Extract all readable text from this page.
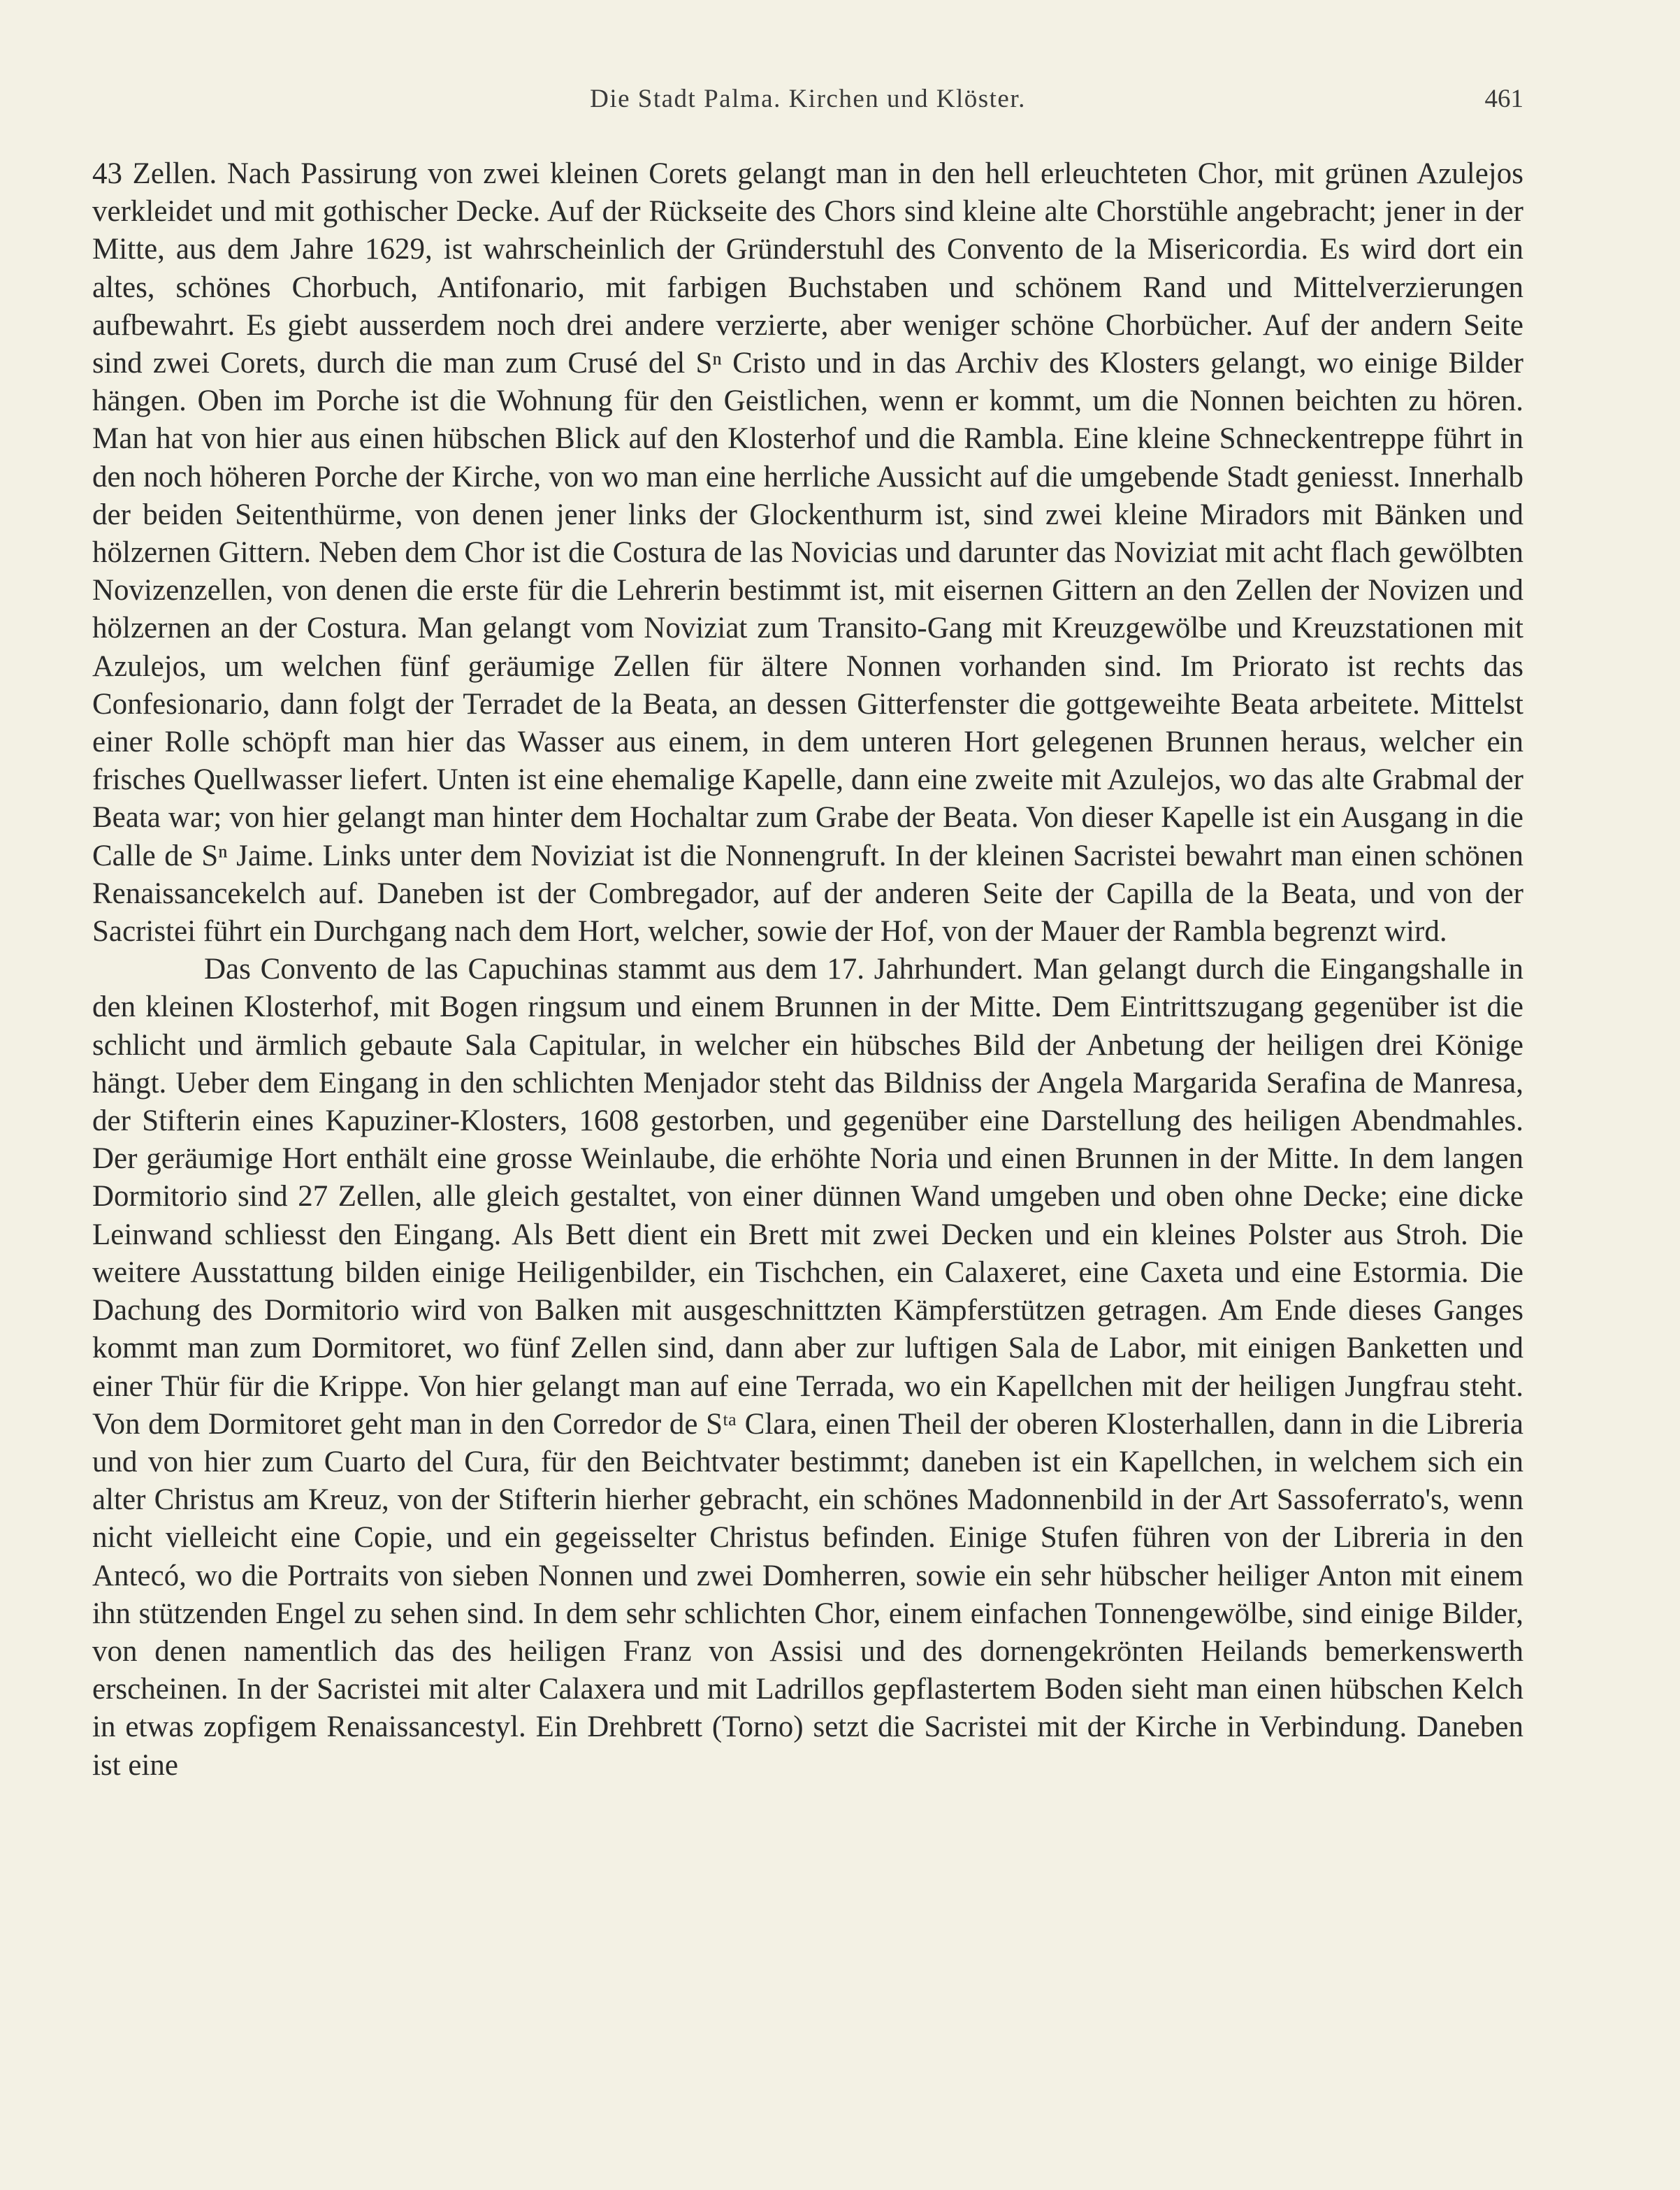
Die Stadt Palma. Kirchen und Klöster.	461

43 Zellen. Nach Passirung von zwei kleinen Corets gelangt man in den hell erleuchteten Chor, mit grünen Azulejos verkleidet und mit gothischer Decke. Auf der Rückseite des Chors sind kleine alte Chorstühle angebracht; jener in der Mitte, aus dem Jahre 1629, ist wahrscheinlich der Gründerstuhl des Convento de la Misericordia. Es wird dort ein altes, schönes Chorbuch, Antifonario, mit farbigen Buchstaben und schönem Rand und Mittelverzierungen aufbewahrt. Es giebt ausserdem noch drei andere verzierte, aber weniger schöne Chorbücher. Auf der andern Seite sind zwei Corets, durch die man zum Crusé del Sⁿ Cristo und in das Archiv des Klosters gelangt, wo einige Bilder hängen. Oben im Porche ist die Wohnung für den Geistlichen, wenn er kommt, um die Nonnen beichten zu hören. Man hat von hier aus einen hübschen Blick auf den Klosterhof und die Rambla. Eine kleine Schneckentreppe führt in den noch höheren Porche der Kirche, von wo man eine herrliche Aussicht auf die umgebende Stadt geniesst. Innerhalb der beiden Seitenthürme, von denen jener links der Glockenthurm ist, sind zwei kleine Miradors mit Bänken und hölzernen Gittern. Neben dem Chor ist die Costura de las Novicias und darunter das Noviziat mit acht flach gewölbten Novizenzellen, von denen die erste für die Lehrerin bestimmt ist, mit eisernen Gittern an den Zellen der Novizen und hölzernen an der Costura. Man gelangt vom Noviziat zum Transito-Gang mit Kreuzgewölbe und Kreuzstationen mit Azulejos, um welchen fünf geräumige Zellen für ältere Nonnen vorhanden sind. Im Priorato ist rechts das Confesionario, dann folgt der Terradet de la Beata, an dessen Gitterfenster die gottgeweihte Beata arbeitete. Mittelst einer Rolle schöpft man hier das Wasser aus einem, in dem unteren Hort gelegenen Brunnen heraus, welcher ein frisches Quellwasser liefert. Unten ist eine ehemalige Kapelle, dann eine zweite mit Azulejos, wo das alte Grabmal der Beata war; von hier gelangt man hinter dem Hochaltar zum Grabe der Beata. Von dieser Kapelle ist ein Ausgang in die Calle de Sⁿ Jaime. Links unter dem Noviziat ist die Nonnengruft. In der kleinen Sacristei bewahrt man einen schönen Renaissancekelch auf. Daneben ist der Combregador, auf der anderen Seite der Capilla de la Beata, und von der Sacristei führt ein Durchgang nach dem Hort, welcher, sowie der Hof, von der Mauer der Rambla begrenzt wird.

Das Convento de las Capuchinas stammt aus dem 17. Jahrhundert. Man gelangt durch die Eingangshalle in den kleinen Klosterhof, mit Bogen ringsum und einem Brunnen in der Mitte. Dem Eintrittszugang gegenüber ist die schlicht und ärmlich gebaute Sala Capitular, in welcher ein hübsches Bild der Anbetung der heiligen drei Könige hängt. Ueber dem Eingang in den schlichten Menjador steht das Bildniss der Angela Margarida Serafina de Manresa, der Stifterin eines Kapuziner-Klosters, 1608 gestorben, und gegenüber eine Darstellung des heiligen Abendmahles. Der geräumige Hort enthält eine grosse Weinlaube, die erhöhte Noria und einen Brunnen in der Mitte. In dem langen Dormitorio sind 27 Zellen, alle gleich gestaltet, von einer dünnen Wand umgeben und oben ohne Decke; eine dicke Leinwand schliesst den Eingang. Als Bett dient ein Brett mit zwei Decken und ein kleines Polster aus Stroh. Die weitere Ausstattung bilden einige Heiligenbilder, ein Tischchen, ein Calaxeret, eine Caxeta und eine Estormia. Die Dachung des Dormitorio wird von Balken mit ausgeschnittzten Kämpferstützen getragen. Am Ende dieses Ganges kommt man zum Dormitoret, wo fünf Zellen sind, dann aber zur luftigen Sala de Labor, mit einigen Banketten und einer Thür für die Krippe. Von hier gelangt man auf eine Terrada, wo ein Kapellchen mit der heiligen Jungfrau steht. Von dem Dormitoret geht man in den Corredor de Sᵗᵃ Clara, einen Theil der oberen Klosterhallen, dann in die Libreria und von hier zum Cuarto del Cura, für den Beichtvater bestimmt; daneben ist ein Kapellchen, in welchem sich ein alter Christus am Kreuz, von der Stifterin hierher gebracht, ein schönes Madonnenbild in der Art Sassoferrato's, wenn nicht vielleicht eine Copie, und ein gegeisselter Christus befinden. Einige Stufen führen von der Libreria in den Antecó, wo die Portraits von sieben Nonnen und zwei Domherren, sowie ein sehr hübscher heiliger Anton mit einem ihn stützenden Engel zu sehen sind. In dem sehr schlichten Chor, einem einfachen Tonnengewölbe, sind einige Bilder, von denen namentlich das des heiligen Franz von Assisi und des dornengekrönten Heilands bemerkenswerth erscheinen. In der Sacristei mit alter Calaxera und mit Ladrillos gepflastertem Boden sieht man einen hübschen Kelch in etwas zopfigem Renaissancestyl. Ein Drehbrett (Torno) setzt die Sacristei mit der Kirche in Verbindung. Daneben ist eine
